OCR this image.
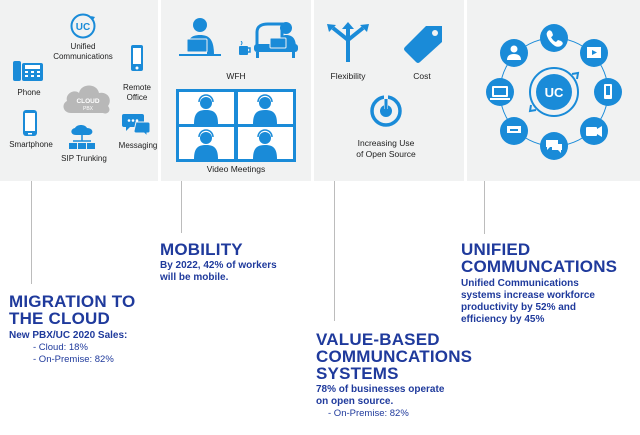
UC
Unified
Communications
Phone
Remote
Office
CLOUD
PBX
Smartphone	Messaging
SIP Trunking
WFH
Video Meetings
Flexibility	Cost
Increasing Use
of Open Source
UC
MIGRATION TO
THE CLOUD
New PBX/UC 2020 Sales:
- Cloud: 18%
- On-Premise: 82%
MOBILITY
By 2022, 42% of workers
will be mobile.
VALUE-BASED
COMMUNCATIONS
SYSTEMS
78% of businesses operate
on open source.
- On-Premise: 82%
UNIFIED
COMMUNCATIONS
Unified Communications
systems increase workforce
productivity by 52% and
efficiency by 45%
